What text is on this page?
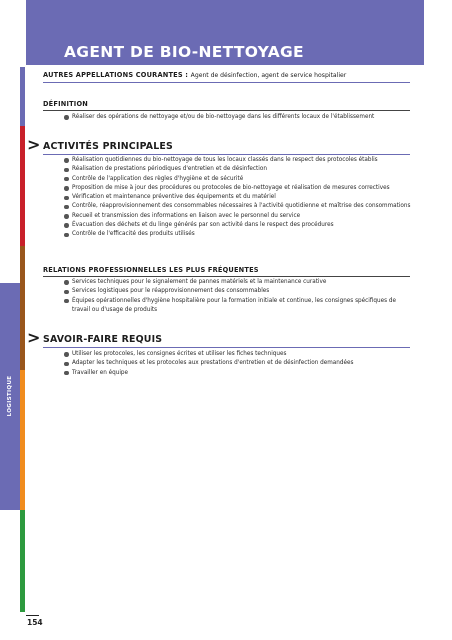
AGENT DE BIO-NETTOYAGE
LOGISTIQUE
154
AUTRES APPELLATIONS COURANTES : Agent de désinfection, agent de service hospitalier
DÉFINITION
Réaliser des opérations de nettoyage et/ou de bio-nettoyage dans les différents locaux de l'établissement
> ACTIVITÉS PRINCIPALES
Réalisation quotidiennes du bio-nettoyage de tous les locaux classés dans le respect des protocoles établis
Réalisation de prestations périodiques d'entretien et de désinfection
Contrôle de l'application des règles d'hygiène et de sécurité
Proposition de mise à jour des procédures ou protocoles de bio-nettoyage et réalisation de mesures correctives
Vérification et maintenance préventive des équipements et du matériel
Contrôle, réapprovisionnement des consommables nécessaires à l'activité quotidienne et maîtrise des consommations
Recueil et transmission des informations en liaison avec le personnel du service
Évacuation des déchets et du linge générés par son activité dans le respect des procédures
Contrôle de l'efficacité des produits utilisés
RELATIONS PROFESSIONNELLES LES PLUS FRÉQUENTES
Services techniques pour le signalement de pannes matériels et la maintenance curative
Services logistiques pour le réapprovisionnement des consommables
Équipes opérationnelles d'hygiène hospitalière pour la formation initiale et continue, les consignes spécifiques de travail ou d'usage de produits
> SAVOIR-FAIRE REQUIS
Utiliser les protocoles, les consignes écrites et utiliser les fiches techniques
Adapter les techniques et les protocoles aux prestations d'entretien et de désinfection demandées
Travailler en équipe
